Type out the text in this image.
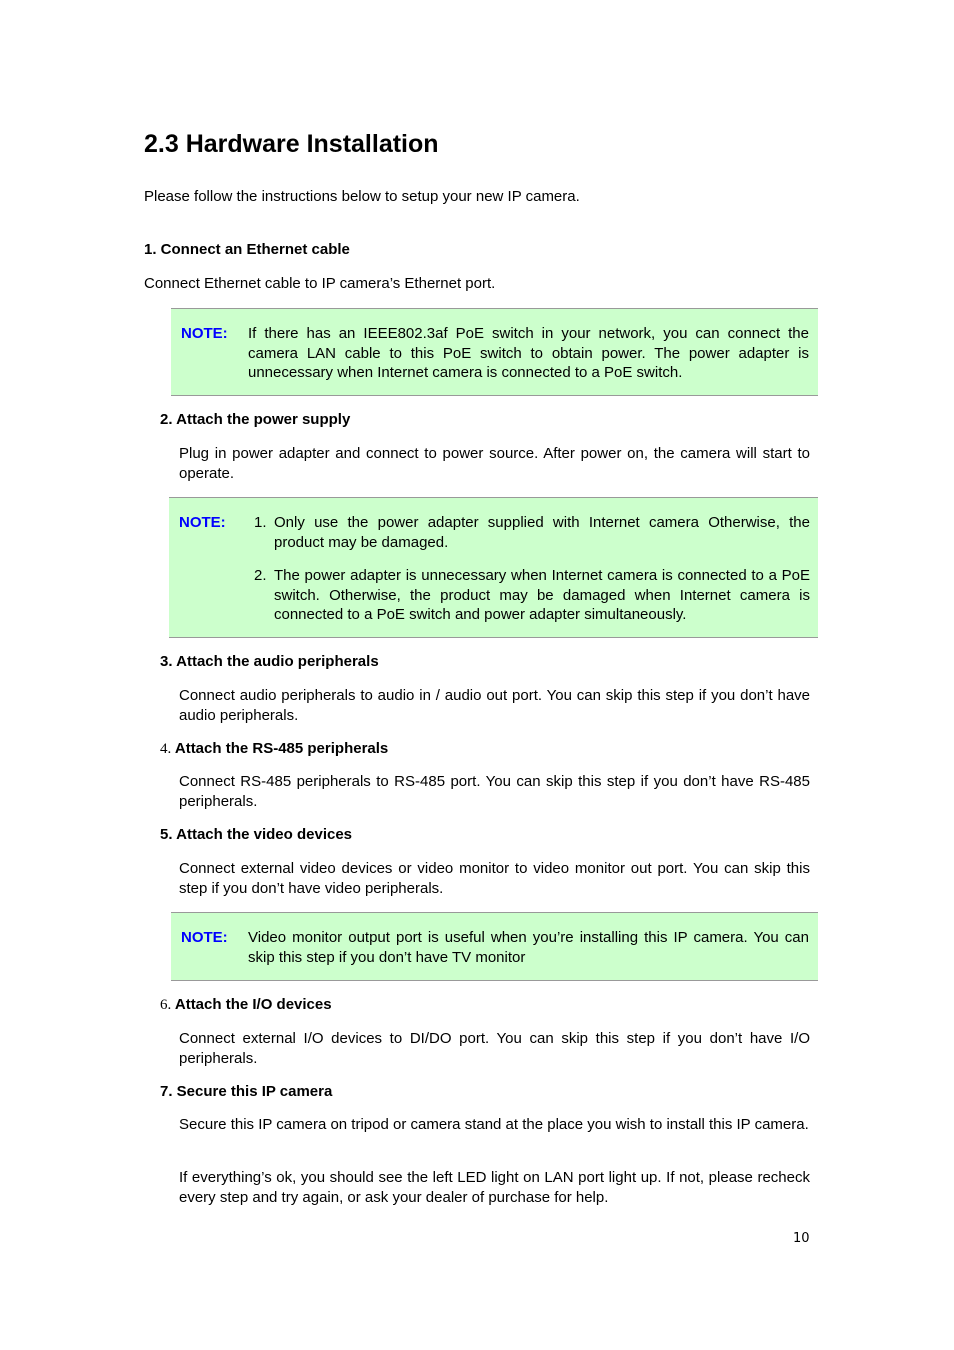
2.3 Hardware Installation

Please follow the instructions below to setup your new IP camera.

1. Connect an Ethernet cable

Connect Ethernet cable to IP camera’s Ethernet port.

NOTE: If there has an IEEE802.3af PoE switch in your network, you can connect the camera LAN cable to this PoE switch to obtain power. The power adapter is unnecessary when Internet camera is connected to a PoE switch.

2. Attach the power supply

Plug in power adapter and connect to power source. After power on, the camera will start to operate.

NOTE: 1. Only use the power adapter supplied with Internet camera Otherwise, the product may be damaged.
2. The power adapter is unnecessary when Internet camera is connected to a PoE switch. Otherwise, the product may be damaged when Internet camera is connected to a PoE switch and power adapter simultaneously.

3. Attach the audio peripherals

Connect audio peripherals to audio in / audio out port. You can skip this step if you don’t have audio peripherals.

4. Attach the RS-485 peripherals

Connect RS-485 peripherals to RS-485 port. You can skip this step if you don’t have RS-485 peripherals.

5. Attach the video devices

Connect external video devices or video monitor to video monitor out port. You can skip this step if you don’t have video peripherals.

NOTE: Video monitor output port is useful when you’re installing this IP camera. You can skip this step if you don’t have TV monitor

6. Attach the I/O devices

Connect external I/O devices to DI/DO port. You can skip this step if you don’t have I/O peripherals.

7. Secure this IP camera

Secure this IP camera on tripod or camera stand at the place you wish to install this IP camera.

If everything’s ok, you should see the left LED light on LAN port light up. If not, please recheck every step and try again, or ask your dealer of purchase for help.

10
